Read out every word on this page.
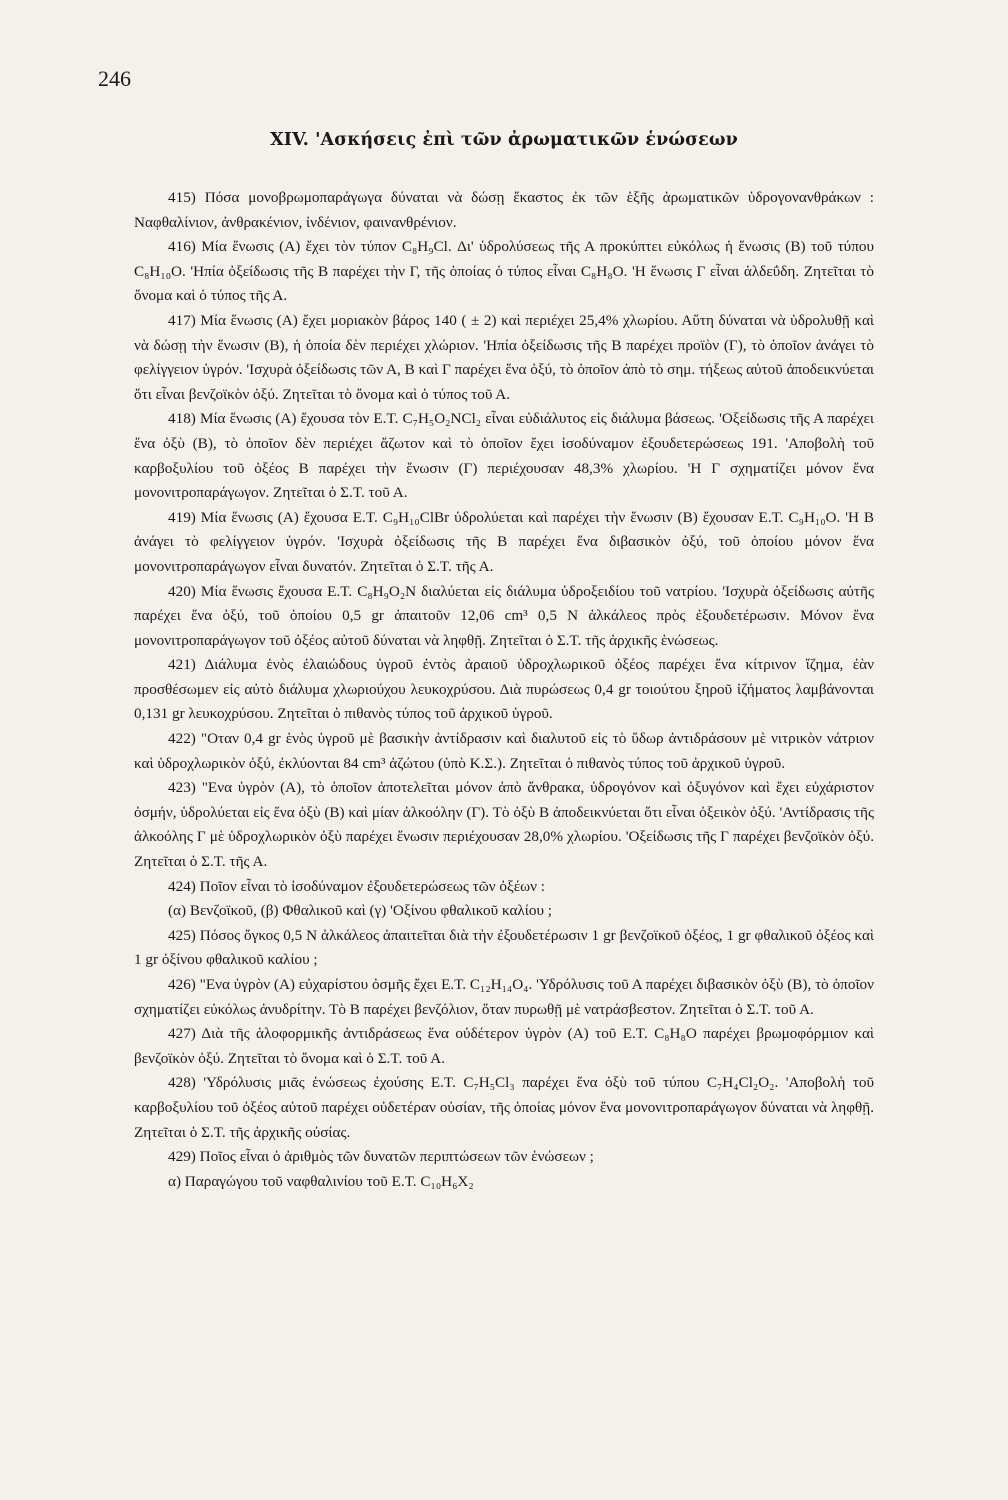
246
XIV. 'Ασκήσεις ἐπὶ τῶν ἀρωματικῶν ἑνώσεων

415) Πόσα μονοβρωμοπαράγωγα δύναται νὰ δώσῃ ἕκαστος ἐκ τῶν ἑξῆς ἀρωματικῶν ὑδρογονανθράκων : Ναφθαλίνιον, ἀνθρακένιον, ἰνδένιον, φαινανθρένιον.

416) Μία ἕνωσις (Α) ἔχει τὸν τύπον C₈H₉Cl. Δι' ὑδρολύσεως τῆς Α προκύπτει εὐκόλως ἡ ἕνωσις (Β) τοῦ τύπου C₈H₁₀O. 'Ηπία ὀξείδωσις τῆς Β παρέχει τὴν Γ, τῆς ὁποίας ὁ τύπος εἶναι C₈H₈O. 'Η ἕνωσις Γ εἶναι ἀλδεΰδη. Ζητεῖται τὸ ὄνομα καὶ ὁ τύπος τῆς Α.

417) Μία ἕνωσις (Α) ἔχει μοριακὸν βάρος 140 ( ± 2) καὶ περιέχει 25,4% χλωρίου. Αὕτη δύναται νὰ ὑδρολυθῇ καὶ νὰ δώσῃ τὴν ἕνωσιν (Β), ἡ ὁποία δὲν περιέχει χλώριον. 'Ηπία ὀξείδωσις τῆς Β παρέχει προϊὸν (Γ), τὸ ὁποῖον ἀνάγει τὸ φελίγγειον ὑγρόν. 'Ισχυρὰ ὀξείδωσις τῶν Α, Β καὶ Γ παρέχει ἕνα ὀξύ, τὸ ὁποῖον ἀπὸ τὸ σημ. τήξεως αὐτοῦ ἀποδεικνύεται ὅτι εἶναι βενζοϊκὸν ὀξύ. Ζητεῖται τὸ ὄνομα καὶ ὁ τύπος τοῦ Α.

418) Μία ἕνωσις (Α) ἔχουσα τὸν Ε.Τ. C₇H₅O₂NCl₂ εἶναι εὐδιάλυτος εἰς διάλυμα βάσεως. 'Οξείδωσις τῆς Α παρέχει ἕνα ὀξὺ (Β), τὸ ὁποῖον δὲν περιέχει ἄζωτον καὶ τὸ ὁποῖον ἔχει ἰσοδύναμον ἐξουδετερώσεως 191. 'Αποβολὴ τοῦ καρβοξυλίου τοῦ ὀξέος Β παρέχει τὴν ἕνωσιν (Γ) περιέχουσαν 48,3% χλωρίου. 'Η Γ σχηματίζει μόνον ἕνα μονονιτροπαράγωγον. Ζητεῖται ὁ Σ.Τ. τοῦ Α.

419) Μία ἕνωσις (Α) ἔχουσα Ε.Τ. C₉H₁₀ClBr ὑδρολύεται καὶ παρέχει τὴν ἕνωσιν (Β) ἔχουσαν Ε.Τ. C₉H₁₀O. 'Η Β ἀνάγει τὸ φελίγγειον ὑγρόν. 'Ισχυρὰ ὀξείδωσις τῆς Β παρέχει ἕνα διβασικὸν ὀξύ, τοῦ ὁποίου μόνον ἕνα μονονιτροπαράγωγον εἶναι δυνατόν. Ζητεῖται ὁ Σ.Τ. τῆς Α.

420) Μία ἕνωσις ἔχουσα Ε.Τ. C₈H₉O₂N διαλύεται εἰς διάλυμα ὑδροξειδίου τοῦ νατρίου. 'Ισχυρὰ ὀξείδωσις αὐτῆς παρέχει ἕνα ὀξύ, τοῦ ὁποίου 0,5 gr ἀπαιτοῦν 12,06 cm³ 0,5 Ν ἀλκάλεος πρὸς ἐξουδετέρωσιν. Μόνον ἕνα μονονιτροπαράγωγον τοῦ ὀξέος αὐτοῦ δύναται νὰ ληφθῇ. Ζητεῖται ὁ Σ.Τ. τῆς ἀρχικῆς ἑνώσεως.

421) Διάλυμα ἑνὸς ἐλαιώδους ὑγροῦ ἐντὸς ἀραιοῦ ὑδροχλωρικοῦ ὀξέος παρέχει ἕνα κίτρινον ἴζημα, ἐὰν προσθέσωμεν εἰς αὐτὸ διάλυμα χλωριούχου λευκοχρύσου. Διὰ πυρώσεως 0,4 gr τοιούτου ξηροῦ ἰζήματος λαμβάνονται 0,131 gr λευκοχρύσου. Ζητεῖται ὁ πιθανὸς τύπος τοῦ ἀρχικοῦ ὑγροῦ.

422) "Οταν 0,4 gr ἑνὸς ὑγροῦ μὲ βασικὴν ἀντίδρασιν καὶ διαλυτοῦ εἰς τὸ ὕδωρ ἀντιδράσουν μὲ νιτρικὸν νάτριον καὶ ὑδροχλωρικὸν ὀξύ, ἐκλύονται 84 cm³ ἀζώτου (ὑπὸ Κ.Σ.). Ζητεῖται ὁ πιθανὸς τύπος τοῦ ἀρχικοῦ ὑγροῦ.

423) "Ενα ὑγρὸν (Α), τὸ ὁποῖον ἀποτελεῖται μόνον ἀπὸ ἄνθρακα, ὑδρογόνον καὶ ὀξυγόνον καὶ ἔχει εὐχάριστον ὀσμήν, ὑδρολύεται εἰς ἕνα ὀξὺ (Β) καὶ μίαν ἀλκοόλην (Γ). Τὸ ὀξὺ Β ἀποδεικνύεται ὅτι εἶναι ὀξεικὸν ὀξύ. 'Αντίδρασις τῆς ἀλκοόλης Γ μὲ ὑδροχλωρικὸν ὀξὺ παρέχει ἕνωσιν περιέχουσαν 28,0% χλωρίου. 'Οξείδωσις τῆς Γ παρέχει βενζοϊκὸν ὀξύ. Ζητεῖται ὁ Σ.Τ. τῆς Α.

424) Ποῖον εἶναι τὸ ἰσοδύναμον ἐξουδετερώσεως τῶν ὀξέων :

(α) Βενζοϊκοῦ, (β) Φθαλικοῦ καὶ (γ) 'Οξίνου φθαλικοῦ καλίου ;

425) Πόσος ὄγκος 0,5 Ν ἀλκάλεος ἀπαιτεῖται διὰ τὴν ἐξουδετέρωσιν 1 gr βενζοϊκοῦ ὀξέος, 1 gr φθαλικοῦ ὀξέος καὶ 1 gr ὀξίνου φθαλικοῦ καλίου ;

426) "Ενα ὑγρὸν (Α) εὐχαρίστου ὀσμῆς ἔχει Ε.Τ. C₁₂H₁₄O₄. 'Υδρόλυσις τοῦ Α παρέχει διβασικὸν ὀξὺ (Β), τὸ ὁποῖον σχηματίζει εὐκόλως ἀνυδρίτην. Τὸ Β παρέχει βενζόλιον, ὅταν πυρωθῇ μὲ νατράσβεστον. Ζητεῖται ὁ Σ.Τ. τοῦ Α.

427) Διὰ τῆς ἁλοφορμικῆς ἀντιδράσεως ἕνα οὐδέτερον ὑγρὸν (Α) τοῦ Ε.Τ. C₈H₈O παρέχει βρωμοφόρμιον καὶ βενζοϊκὸν ὀξύ. Ζητεῖται τὸ ὄνομα καὶ ὁ Σ.Τ. τοῦ Α.

428) 'Υδρόλυσις μιᾶς ἑνώσεως ἐχούσης Ε.Τ. C₇H₅Cl₃ παρέχει ἕνα ὀξὺ τοῦ τύπου C₇H₄Cl₂O₂. 'Αποβολὴ τοῦ καρβοξυλίου τοῦ ὀξέος αὐτοῦ παρέχει οὐδετέραν οὐσίαν, τῆς ὁποίας μόνον ἕνα μονονιτροπαράγωγον δύναται νὰ ληφθῇ. Ζητεῖται ὁ Σ.Τ. τῆς ἀρχικῆς οὐσίας.

429) Ποῖος εἶναι ὁ ἀριθμὸς τῶν δυνατῶν περιπτώσεων τῶν ἑνώσεων ;

α) Παραγώγου τοῦ ναφθαλινίου τοῦ Ε.Τ. C₁₀H₆X₂
